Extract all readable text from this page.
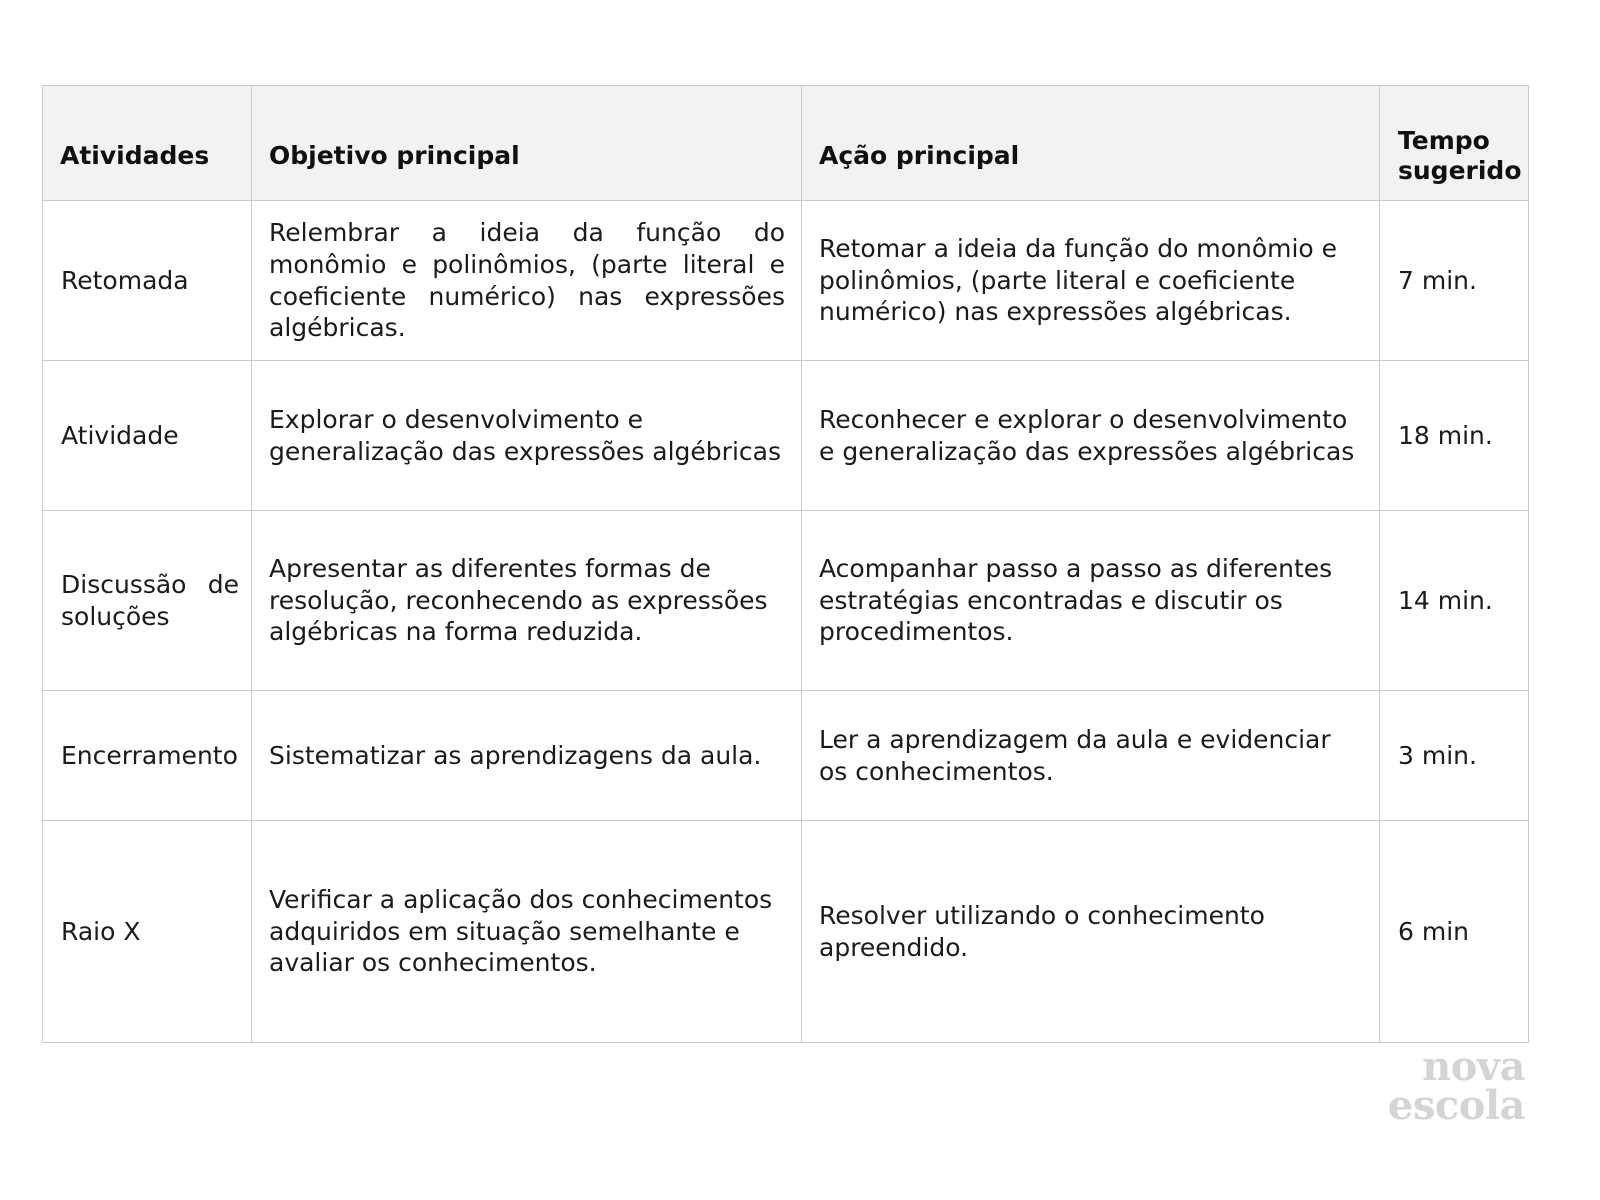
Atividades	Objetivo principal	Ação principal	Tempo sugerido

Retomada	Relembrar a ideia da função do monômio e polinômios, (parte literal e coeficiente numérico) nas expressões algébricas.	Retomar a ideia da função do monômio e polinômios, (parte literal e coeficiente numérico) nas expressões algébricas.	7 min.

Atividade	Explorar o desenvolvimento e generalização das expressões algébricas	Reconhecer e explorar o desenvolvimento e generalização das expressões algébricas	18 min.

Discussão de soluções	Apresentar as diferentes formas de resolução, reconhecendo as expressões algébricas na forma reduzida.	Acompanhar passo a passo as diferentes estratégias encontradas e discutir os procedimentos.	14 min.

Encerramento	Sistematizar as aprendizagens da aula.	Ler a aprendizagem da aula e evidenciar os conhecimentos.	3 min.

Raio X	Verificar a aplicação dos conhecimentos adquiridos em situação semelhante e avaliar os conhecimentos.	Resolver utilizando o conhecimento apreendido.	6 min
nova
escola
